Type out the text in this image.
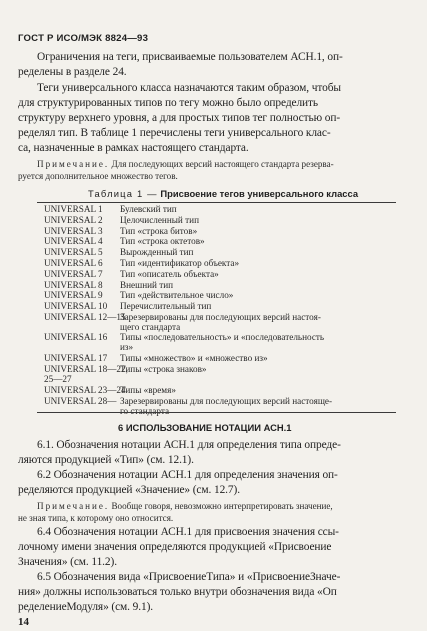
ГОСТ Р ИСО/МЭК 8824—93
Ограничения на теги, присваиваемые пользователем АСН.1, оп-
ределены в разделе 24.
Теги универсального класса назначаются таким образом, чтобы
для структурированных типов по тегу можно было определить
структуру верхнего уровня, а для простых типов тег полностью оп-
ределял тип. В таблице 1 перечислены теги универсального клас-
са, назначенные в рамках настоящего стандарта.
Примечание. Для последующих версий настоящего стандарта резерва-
руется дополнительное множество тегов.
Таблица 1 — Присвоение тегов универсального класса
UNIVERSAL 1 Булевский тип
UNIVERSAL 2 Целочисленный тип
UNIVERSAL 3 Тип «строка битов»
UNIVERSAL 4 Тип «строка октетов»
UNIVERSAL 5 Вырожденный тип
UNIVERSAL 6 Тип «идентификатор объекта»
UNIVERSAL 7 Тип «описатель объекта»
UNIVERSAL 8 Внешний тип
UNIVERSAL 9 Тип «действительное число»
UNIVERSAL 10 Перечислительный тип
UNIVERSAL 12—15
Зарезервированы для последующих версий настоя-
щего стандарта
UNIVERSAL 16 Типы «последовательность» и «последовательность
из»
UNIVERSAL 17 Типы «множество» и «множество из»
UNIVERSAL 18—22,
Типы «строка знаков»
25—27
UNIVERSAL 23—24
Типы «время»
UNIVERSAL 28— Зарезервированы для последующих версий настояще-
го стандарта
6 ИСПОЛЬЗОВАНИЕ НОТАЦИИ АСН.1
6.1. Обозначения нотации АСН.1 для определения типа опреде-
ляются продукцией «Тип» (см. 12.1).
6.2 Обозначения нотации АСН.1 для определения значения оп-
ределяются продукцией «Значение» (см. 12.7).
Примечание. Вообще говоря, невозможно интерпретировать значение,
не зная типа, к которому оно относится.
6.4 Обозначения нотации АСН.1 для присвоения значения ссы-
лочному имени значения определяются продукцией «Присвоение
Значения» (см. 11.2).
6.5 Обозначения вида «ПрисвоениеТипа» и «ПрисвоениеЗначе-
ния» должны использоваться только внутри обозначения вида «Оп
ределениеМодуля» (см. 9.1).
14
